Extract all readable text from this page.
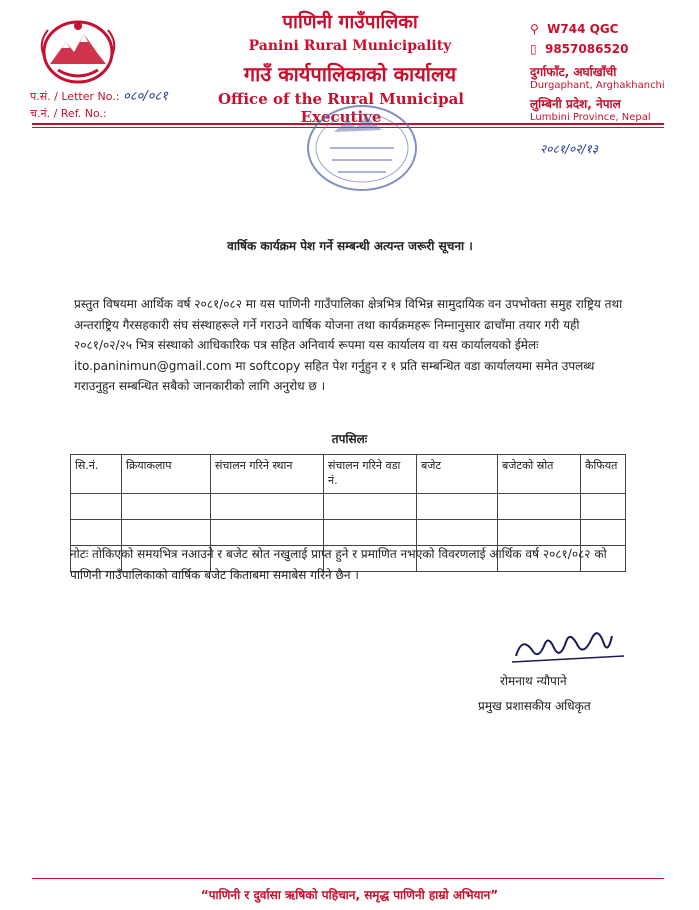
पाणिनी गाउँपालिका
Panini Rural Municipality
गाउँ कार्यपालिकाको कार्यालय
Office of the Rural Municipal Executive
⚲ W744 QGC
▯ 9857086520
दुर्गाफाँट, अर्घाखाँची
Durgaphant, Arghakhanchi
लुम्बिनी प्रदेश, नेपाल
Lumbini Province, Nepal
प.सं. / Letter No.: ०८०/०८१
च.नं. / Ref. No.:
२०८१/०२/१३
वार्षिक कार्यक्रम पेश गर्ने सम्बन्धी अत्यन्त जरूरी सूचना ।
प्रस्तुत विषयमा आर्थिक वर्ष २०८१/०८२ मा यस पाणिनी गाउँपालिका क्षेत्रभित्र विभिन्न सामुदायिक वन उपभोक्ता समुह राष्ट्रिय तथा अन्तराष्ट्रिय गैरसहकारी संघ संस्थाहरूले गर्ने गराउने वार्षिक योजना तथा कार्यक्रमहरू निम्नानुसार ढाचाँमा तयार गरी यही २०८१/०२/२५ भित्र संस्थाको आधिकारिक पत्र सहित अनिवार्य रूपमा यस कार्यालय वा यस कार्यालयको ईमेलः ito.paninimun@gmail.com मा softcopy सहित पेश गर्नुहुन र १ प्रति सम्बन्धित वडा कार्यालयमा समेत उपलब्ध गराउनुहुन सम्बन्धित सबैको जानकारीको लागि अनुरोध छ ।
तपसिलः
सि.नं.	क्रियाकलाप	संचालन गरिने स्थान	संचालन गरिने वडा नं.	बजेट	बजेटको स्रोत	कैफियत

नोटः तोकिएको समयभित्र नआउने र बजेट स्रोत नखुलाई प्राप्त हुने र प्रमाणित नभएको विवरणलाई आर्थिक वर्ष २०८१/०८२ को पाणिनी गाउँपालिकाको वार्षिक बजेट किताबमा समाबेस गरिने छैन ।
रोमनाथ न्यौपाने
प्रमुख प्रशासकीय अधिकृत
“पाणिनी र दुर्वासा ऋषिको पहिचान, समृद्ध पाणिनी हाम्रो अभियान”
